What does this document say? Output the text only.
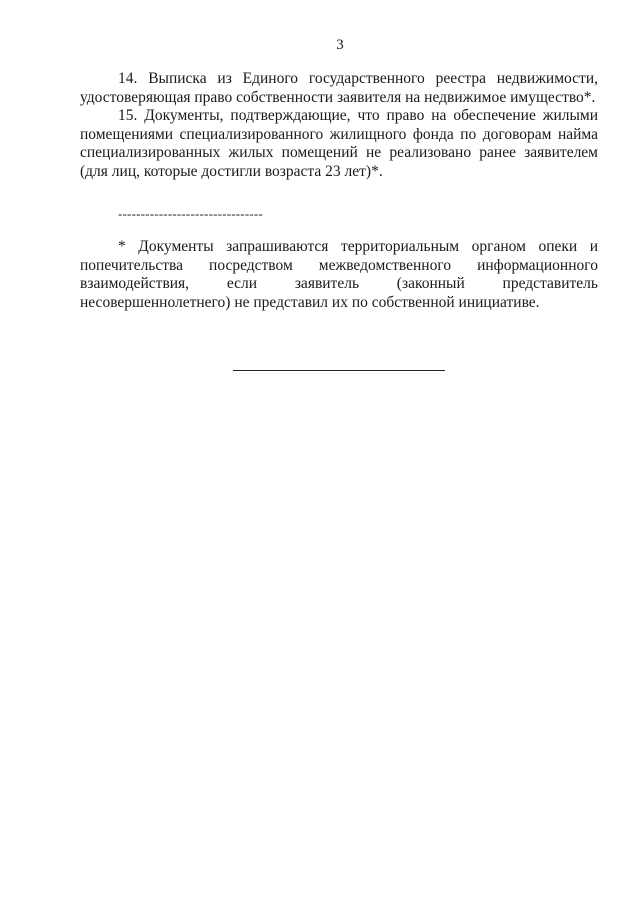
3

14. Выписка из Единого государственного реестра недвижимости, удостоверяющая право собственности заявителя на недвижимое имущество*.

15. Документы, подтверждающие, что право на обеспечение жилыми помещениями специализированного жилищного фонда по договорам найма специализированных жилых помещений не реализовано ранее заявителем (для лиц, которые достигли возраста 23 лет)*.

--------------------------------
* Документы запрашиваются территориальным органом опеки и
попечительства посредством межведомственного информационного
взаимодействия, если заявитель (законный представитель
несовершеннолетнего) не представил их по собственной инициативе.
